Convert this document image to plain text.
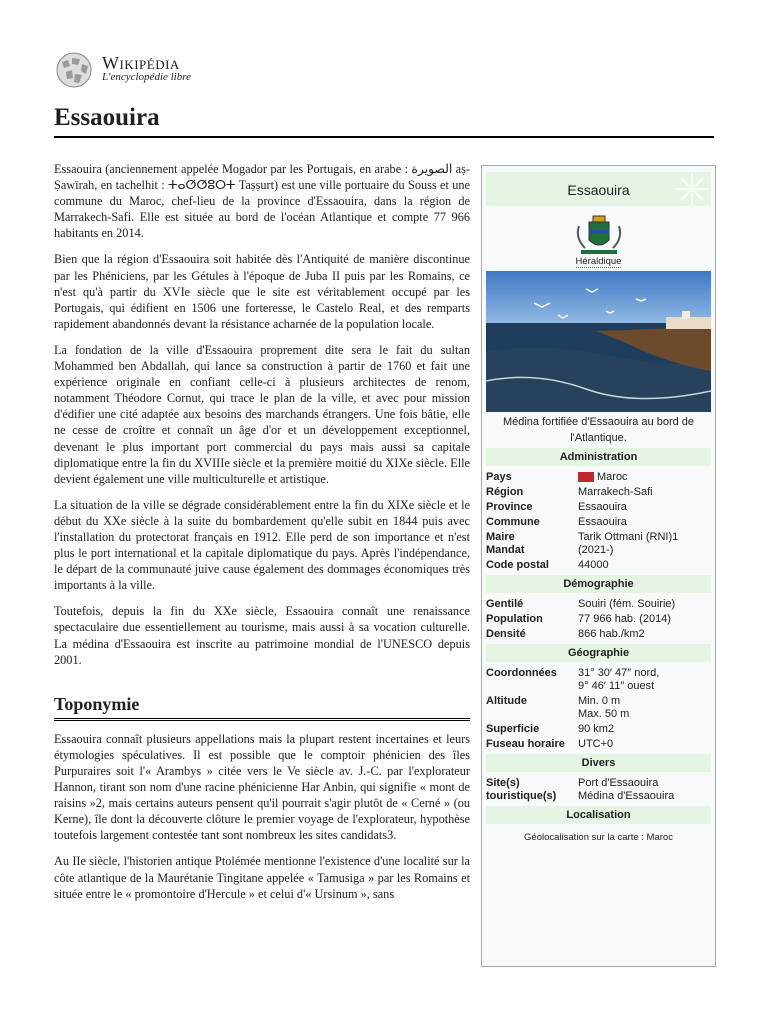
Wikipédia
L'encyclopédie libre
Essaouira

Essaouira (anciennement appelée Mogador par les Portugais, en arabe : الصويرة aṣ-Ṣawīrah, en tachelhit : ⵜⴰⵚⵚⵓⵔⵜ Taṣṣurt) est une ville portuaire du Souss et une commune du Maroc, chef-lieu de la province d'Essaouira, dans la région de Marrakech-Safi. Elle est située au bord de l'océan Atlantique et compte 77 966 habitants en 2014.

Bien que la région d'Essaouira soit habitée dès l'Antiquité de manière discontinue par les Phéniciens, par les Gétules à l'époque de Juba II puis par les Romains, ce n'est qu'à partir du XVIe siècle que le site est véritablement occupé par les Portugais, qui édifient en 1506 une forteresse, le Castelo Real, et des remparts rapidement abandonnés devant la résistance acharnée de la population locale.

La fondation de la ville d'Essaouira proprement dite sera le fait du sultan Mohammed ben Abdallah, qui lance sa construction à partir de 1760 et fait une expérience originale en confiant celle-ci à plusieurs architectes de renom, notamment Théodore Cornut, qui trace le plan de la ville, et avec pour mission d'édifier une cité adaptée aux besoins des marchands étrangers. Une fois bâtie, elle ne cesse de croître et connaît un âge d'or et un développement exceptionnel, devenant le plus important port commercial du pays mais aussi sa capitale diplomatique entre la fin du XVIIIe siècle et la première moitié du XIXe siècle. Elle devient également une ville multiculturelle et artistique.

La situation de la ville se dégrade considérablement entre la fin du XIXe siècle et le début du XXe siècle à la suite du bombardement qu'elle subit en 1844 puis avec l'installation du protectorat français en 1912. Elle perd de son importance et n'est plus le port international et la capitale diplomatique du pays. Après l'indépendance, le départ de la communauté juive cause également des dommages économiques très importants à la ville.

Toutefois, depuis la fin du XXe siècle, Essaouira connaît une renaissance spectaculaire due essentiellement au tourisme, mais aussi à sa vocation culturelle. La médina d'Essaouira est inscrite au patrimoine mondial de l'UNESCO depuis 2001.

Toponymie

Essaouira connaît plusieurs appellations mais la plupart restent incertaines et leurs étymologies spéculatives. Il est possible que le comptoir phénicien des îles Purpuraires soit l'« Arambys » citée vers le Ve siècle av. J.-C. par l'explorateur Hannon, tirant son nom d'une racine phénicienne Har Anbin, qui signifie « mont de raisins »2, mais certains auteurs pensent qu'il pourrait s'agir plutôt de « Cerné » (ou Kerne), île dont la découverte clôture le premier voyage de l'explorateur, hypothèse toutefois largement contestée tant sont nombreux les sites candidats3.

Au IIe siècle, l'historien antique Ptolémée mentionne l'existence d'une localité sur la côte atlantique de la Maurétanie Tingitane appelée « Tamusiga » par les Romains et située entre le « promontoire d'Hercule » et celui d'« Ursinum », sans

Essaouira
Héraldique
Médina fortifiée d'Essaouira au bord de l'Atlantique.
Administration
Pays	Maroc
Région	Marrakech-Safi
Province	Essaouira
Commune	Essaouira
Maire
Mandat	Tarik Ottmani (RNI)1
(2021-)
Code postal	44000
Démographie
Gentilé	Souiri (fém. Souirie)
Population	77 966 hab. (2014)
Densité	866 hab./km2
Géographie
Coordonnées	31° 30′ 47″ nord,
9° 46′ 11″ ouest
Altitude	Min. 0 m
Max. 50 m
Superficie	90 km2
Fuseau horaire	UTC+0
Divers
Site(s)
touristique(s)	Port d'Essaouira
Médina d'Essaouira
Localisation
Géolocalisation sur la carte : Maroc
